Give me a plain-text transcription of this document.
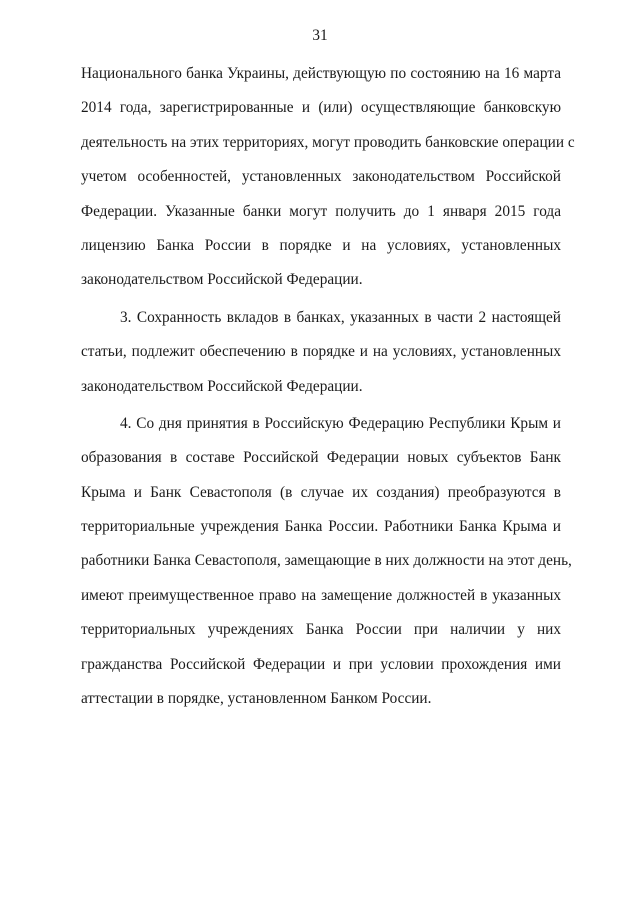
31
Национального банка Украины, действующую по состоянию на 16 марта
2014 года, зарегистрированные и (или) осуществляющие банковскую
деятельность на этих территориях, могут проводить банковские операции с
учетом особенностей, установленных законодательством Российской
Федерации. Указанные банки могут получить до 1 января 2015 года
лицензию Банка России в порядке и на условиях, установленных
законодательством Российской Федерации.
3. Сохранность вкладов в банках, указанных в части 2 настоящей
статьи, подлежит обеспечению в порядке и на условиях, установленных
законодательством Российской Федерации.
4. Со дня принятия в Российскую Федерацию Республики Крым и
образования в составе Российской Федерации новых субъектов Банк
Крыма и Банк Севастополя (в случае их создания) преобразуются в
территориальные учреждения Банка России. Работники Банка Крыма и
работники Банка Севастополя, замещающие в них должности на этот день,
имеют преимущественное право на замещение должностей в указанных
территориальных учреждениях Банка России при наличии у них
гражданства Российской Федерации и при условии прохождения ими
аттестации в порядке, установленном Банком России.
